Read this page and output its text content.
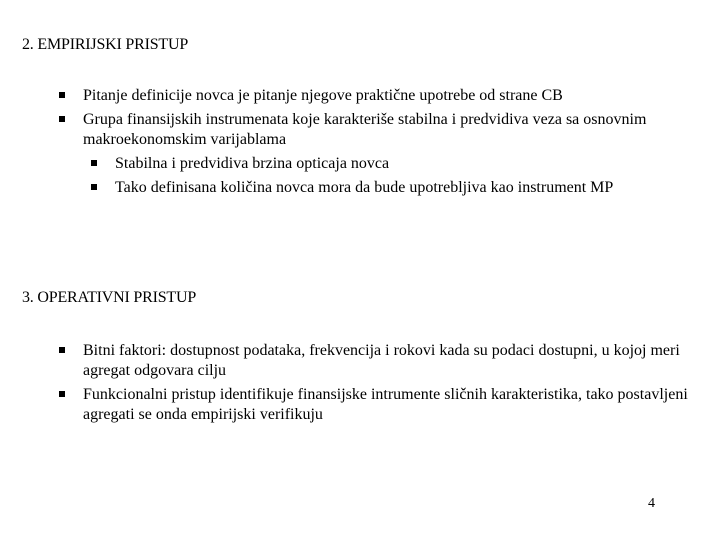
2. EMPIRIJSKI PRISTUP
Pitanje definicije novca je pitanje njegove praktične upotrebe od strane CB
Grupa finansijskih instrumenata koje karakteriše stabilna i predvidiva veza sa osnovnim makroekonomskim varijablama
Stabilna i predvidiva brzina opticaja novca
Tako definisana količina novca mora da bude upotrebljiva kao instrument MP
3. OPERATIVNI PRISTUP
Bitni faktori: dostupnost podataka, frekvencija i rokovi kada su podaci dostupni, u kojoj meri agregat odgovara cilju
Funkcionalni pristup identifikuje finansijske intrumente sličnih karakteristika, tako postavljeni agregati se onda empirijski verifikuju
4
